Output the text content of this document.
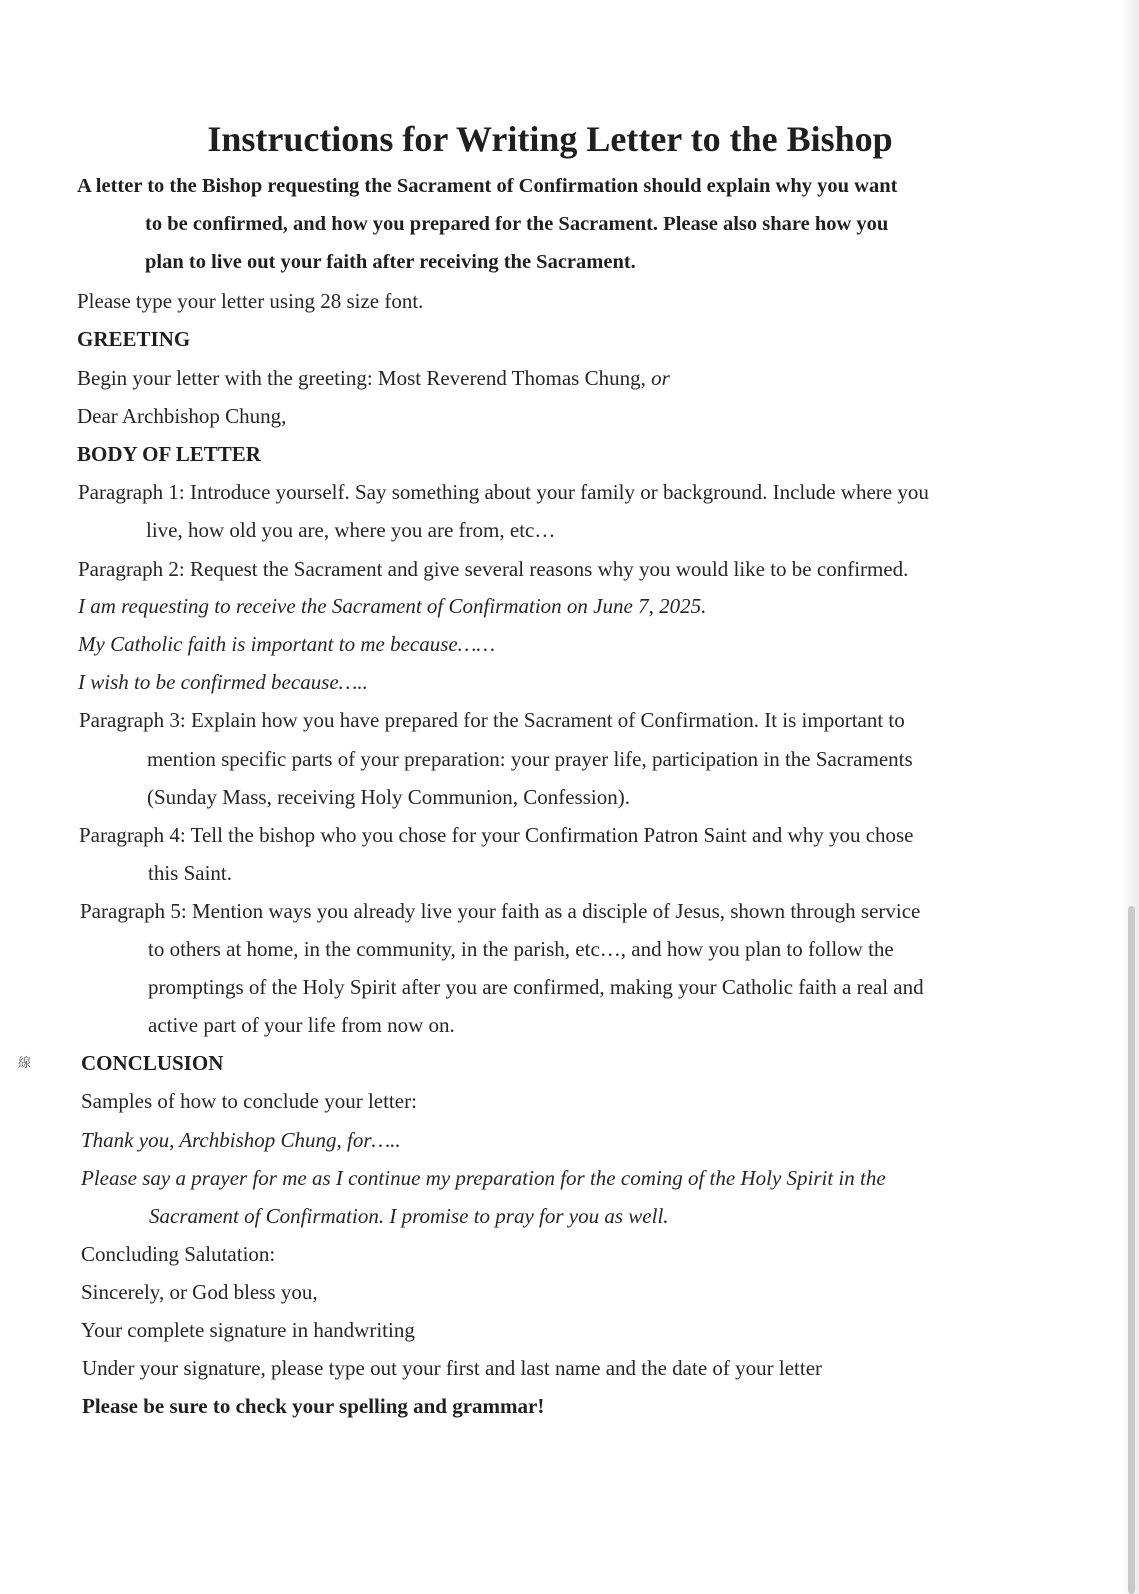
Instructions for Writing Letter to the Bishop

A letter to the Bishop requesting the Sacrament of Confirmation should explain why you want

to be confirmed, and how you prepared for the Sacrament. Please also share how you

plan to live out your faith after receiving the Sacrament.

Please type your letter using 28 size font.

GREETING

Begin your letter with the greeting: Most Reverend Thomas Chung, or

Dear Archbishop Chung,

BODY OF LETTER

Paragraph 1: Introduce yourself. Say something about your family or background. Include where you

live, how old you are, where you are from, etc…

Paragraph 2: Request the Sacrament and give several reasons why you would like to be confirmed.

I am requesting to receive the Sacrament of Confirmation on June 7, 2025.

My Catholic faith is important to me because……

I wish to be confirmed because…..

Paragraph 3: Explain how you have prepared for the Sacrament of Confirmation. It is important to

mention specific parts of your preparation: your prayer life, participation in the Sacraments

(Sunday Mass, receiving Holy Communion, Confession).

Paragraph 4: Tell the bishop who you chose for your Confirmation Patron Saint and why you chose

this Saint.

Paragraph 5: Mention ways you already live your faith as a disciple of Jesus, shown through service

to others at home, in the community, in the parish, etc…, and how you plan to follow the

promptings of the Holy Spirit after you are confirmed, making your Catholic faith a real and

active part of your life from now on.

線 CONCLUSION

Samples of how to conclude your letter:

Thank you, Archbishop Chung, for…..

Please say a prayer for me as I continue my preparation for the coming of the Holy Spirit in the

Sacrament of Confirmation. I promise to pray for you as well.

Concluding Salutation:

Sincerely, or God bless you,

Your complete signature in handwriting

Under your signature, please type out your first and last name and the date of your letter

Please be sure to check your spelling and grammar!
